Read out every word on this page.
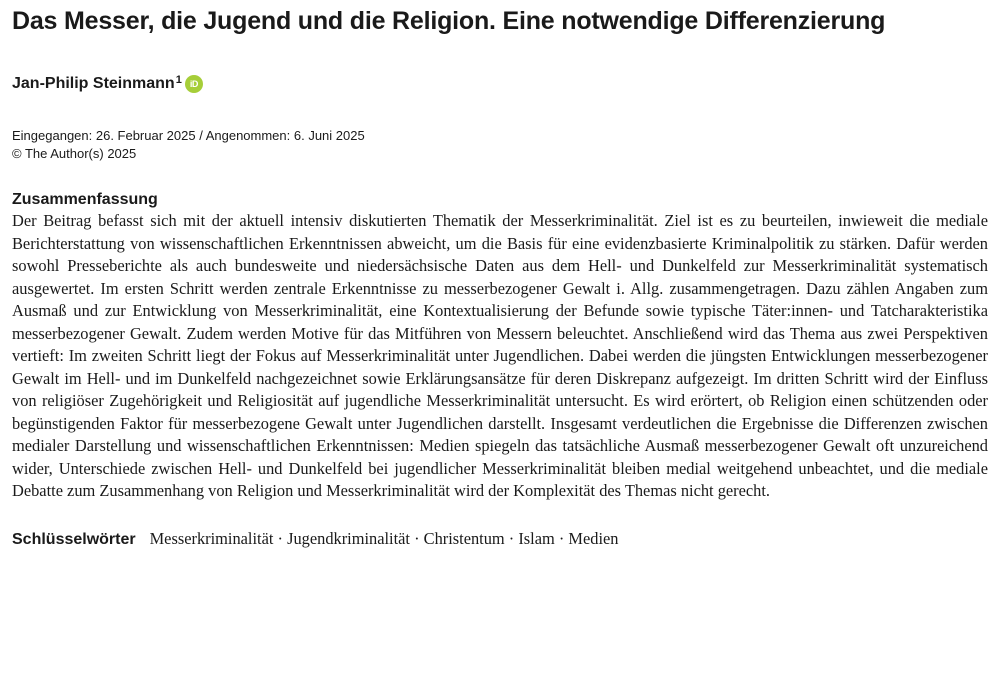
Das Messer, die Jugend und die Religion. Eine notwendige Differenzierung
Jan-Philip Steinmann$^1$ iD
Eingegangen: 26. Februar 2025 / Angenommen: 6. Juni 2025
© The Author(s) 2025
Zusammenfassung
Der Beitrag befasst sich mit der aktuell intensiv diskutierten Thematik der Messerkriminalität. Ziel ist es zu beurteilen, inwieweit die mediale Berichterstattung von wissenschaftlichen Erkenntnissen abweicht, um die Basis für eine evidenzbasierte Kriminalpolitik zu stärken. Dafür werden sowohl Presseberichte als auch bundesweite und niedersächsische Daten aus dem Hell- und Dunkelfeld zur Messerkriminalität systematisch ausgewertet. Im ersten Schritt werden zentrale Erkenntnisse zu messerbezogener Gewalt i. Allg. zusammengetragen. Dazu zählen Angaben zum Ausmaß und zur Entwicklung von Messerkriminalität, eine Kontextualisierung der Befunde sowie typische Täter:innen- und Tatcharakteristika messerbezogener Gewalt. Zudem werden Motive für das Mitführen von Messern beleuchtet. Anschließend wird das Thema aus zwei Perspektiven vertieft: Im zweiten Schritt liegt der Fokus auf Messerkriminalität unter Jugendlichen. Dabei werden die jüngsten Entwicklungen messerbezogener Gewalt im Hell- und im Dunkelfeld nachgezeichnet sowie Erklärungsansätze für deren Diskrepanz aufgezeigt. Im dritten Schritt wird der Einfluss von religiöser Zugehörigkeit und Religiosität auf jugendliche Messerkriminalität untersucht. Es wird erörtert, ob Religion einen schützenden oder begünstigenden Faktor für messerbezogene Gewalt unter Jugendlichen darstellt. Insgesamt verdeutlichen die Ergebnisse die Differenzen zwischen medialer Darstellung und wissenschaftlichen Erkenntnissen: Medien spiegeln das tatsächliche Ausmaß messerbezogener Gewalt oft unzureichend wider, Unterschiede zwischen Hell- und Dunkelfeld bei jugendlicher Messerkriminalität bleiben medial weitgehend unbeachtet, und die mediale Debatte zum Zusammenhang von Religion und Messerkriminalität wird der Komplexität des Themas nicht gerecht.
Schlüsselwörter Messerkriminalität · Jugendkriminalität · Christentum · Islam · Medien
